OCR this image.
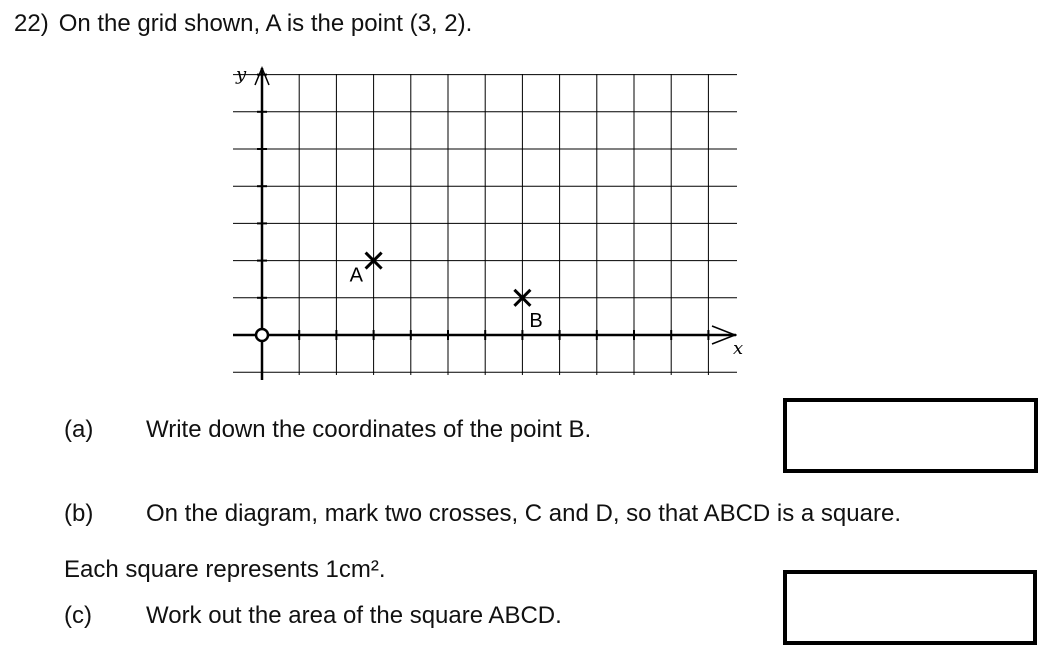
22) On the grid shown, A is the point (3, 2).
x
y
A
B
(a) Write down the coordinates of the point B.
(b) On the diagram, mark two crosses, C and D, so that ABCD is a square.
Each square represents 1cm².
(c) Work out the area of the square ABCD.
